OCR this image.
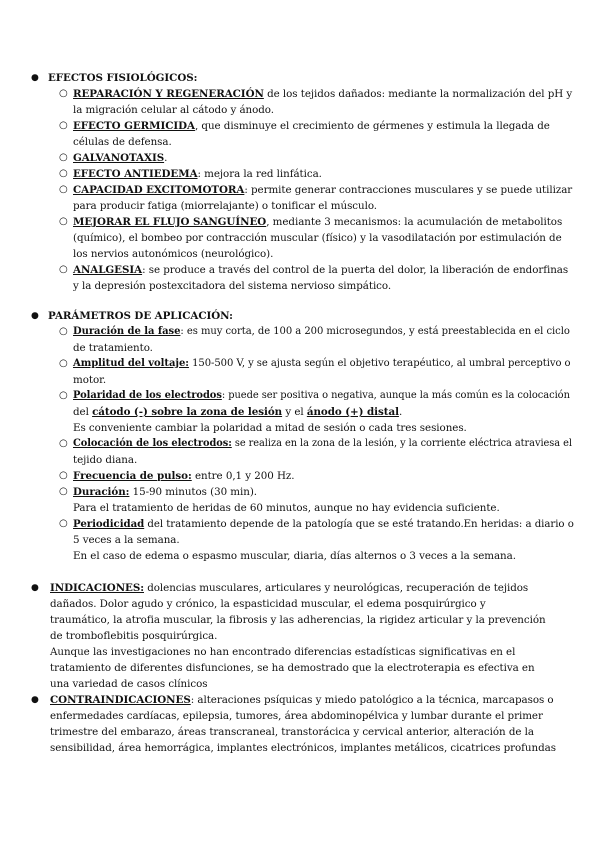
● EFECTOS FISIOLÓGICOS:
○ REPARACIÓN Y REGENERACIÓN de los tejidos dañados: mediante la normalización del pH y
la migración celular al cátodo y ánodo.
○ EFECTO GERMICIDA, que disminuye el crecimiento de gérmenes y estimula la llegada de
células de defensa.
○ GALVANOTAXIS.
○ EFECTO ANTIEDEMA: mejora la red linfática.
○ CAPACIDAD EXCITOMOTORA: permite generar contracciones musculares y se puede utilizar
para producir fatiga (miorrelajante) o tonificar el músculo.
○ MEJORAR EL FLUJO SANGUÍNEO, mediante 3 mecanismos: la acumulación de metabolitos
(químico), el bombeo por contracción muscular (físico) y la vasodilatación por estimulación de
los nervios autonómicos (neurológico).
○ ANALGESIA: se produce a través del control de la puerta del dolor, la liberación de endorfinas
y la depresión postexcitadora del sistema nervioso simpático.
● PARÁMETROS DE APLICACIÓN:
○ Duración de la fase: es muy corta, de 100 a 200 microsegundos, y está preestablecida en el ciclo
de tratamiento.
○ Amplitud del voltaje: 150-500 V, y se ajusta según el objetivo terapéutico, al umbral perceptivo o
motor.
○ Polaridad de los electrodos: puede ser positiva o negativa, aunque la más común es la colocación
del cátodo (-) sobre la zona de lesión y el ánodo (+) distal.
Es conveniente cambiar la polaridad a mitad de sesión o cada tres sesiones.
○ Colocación de los electrodos: se realiza en la zona de la lesión, y la corriente eléctrica atraviesa el
tejido diana.
○ Frecuencia de pulso: entre 0,1 y 200 Hz.
○ Duración: 15-90 minutos (30 min).
Para el tratamiento de heridas de 60 minutos, aunque no hay evidencia suficiente.
○ Periodicidad del tratamiento depende de la patología que se esté tratando.En heridas: a diario o
5 veces a la semana.
En el caso de edema o espasmo muscular, diaria, días alternos o 3 veces a la semana.
● INDICACIONES: dolencias musculares, articulares y neurológicas, recuperación de tejidos
dañados. Dolor agudo y crónico, la espasticidad muscular, el edema posquirúrgico y
traumático, la atrofia muscular, la fibrosis y las adherencias, la rigidez articular y la prevención
de tromboflebitis posquirúrgica.
Aunque las investigaciones no han encontrado diferencias estadísticas significativas en el
tratamiento de diferentes disfunciones, se ha demostrado que la electroterapia es efectiva en
una variedad de casos clínicos
● CONTRAINDICACIONES: alteraciones psíquicas y miedo patológico a la técnica, marcapasos o
enfermedades cardíacas, epilepsia, tumores, área abdominopélvica y lumbar durante el primer
trimestre del embarazo, áreas transcraneal, transtorácica y cervical anterior, alteración de la
sensibilidad, área hemorrágica, implantes electrónicos, implantes metálicos, cicatrices profundas
